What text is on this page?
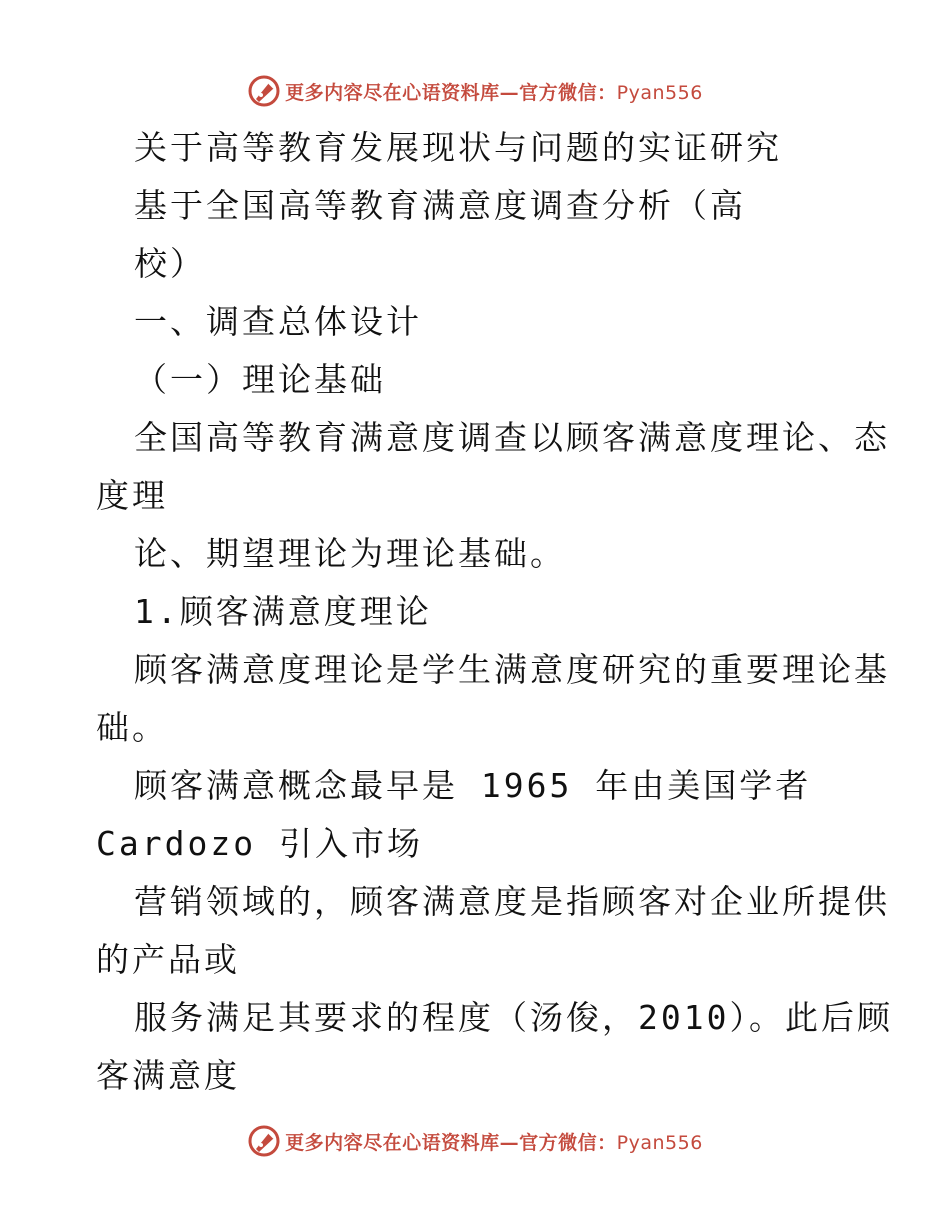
更多内容尽在心语资料库—官方微信：Pyan556
关于高等教育发展现状与问题的实证研究
基于全国高等教育满意度调查分析（高
校）
一、调查总体设计
（一）理论基础
全国高等教育满意度调查以顾客满意度理论、态
度理
论、期望理论为理论基础。
1.顾客满意度理论
顾客满意度理论是学生满意度研究的重要理论基
础。
顾客满意概念最早是 1965 年由美国学者
Cardozo 引入市场
营销领域的，顾客满意度是指顾客对企业所提供
的产品或
服务满足其要求的程度（汤俊，2010）。此后顾
客满意度
更多内容尽在心语资料库—官方微信：Pyan556
